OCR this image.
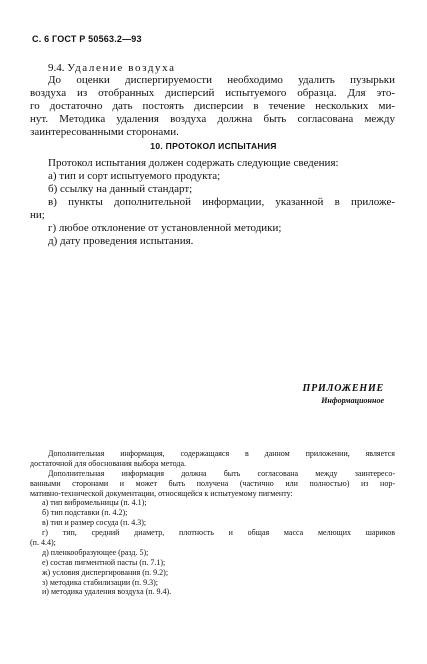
С. 6 ГОСТ Р 50563.2—93
9.4. Удаление воздуха
До оценки диспергируемости необходимо удалить пузырьки
воздуха из отобранных дисперсий испытуемого образца. Для это-
го достаточно дать постоять дисперсии в течение нескольких ми-
нут. Методика удаления воздуха должна быть согласована между
заинтересованными сторонами.
10. ПРОТОКОЛ ИСПЫТАНИЯ
Протокол испытания должен содержать следующие сведения:
а) тип и сорт испытуемого продукта;
б) ссылку на данный стандарт;
в) пункты дополнительной информации, указанной в приложе-
ни;
г) любое отклонение от установленной методики;
д) дату проведения испытания.
ПРИЛОЖЕНИЕ
Информационное
Дополнительная информация, содержащаяся в данном приложении, является
достаточной для обоснования выбора метода.
Дополнительная информация должна быть согласована между заинтересо-
ванными сторонами и может быть получена (частично или полностью) из нор-
мативно-технической документации, относящейся к испытуемому пигменту:
а) тип вибромельницы (п. 4.1);
б) тип подставки (п. 4.2);
в) тип и размер сосуда (п. 4.3);
г) тип, средний диаметр, плотность и общая масса мелющих шариков
(п. 4.4);
д) пленкообразующее (разд. 5);
е) состав пигментной пасты (п. 7.1);
ж) условия диспергирования (п. 9.2);
з) методика стабилизации (п. 9.3);
и) методика удаления воздуха (п. 9.4).
